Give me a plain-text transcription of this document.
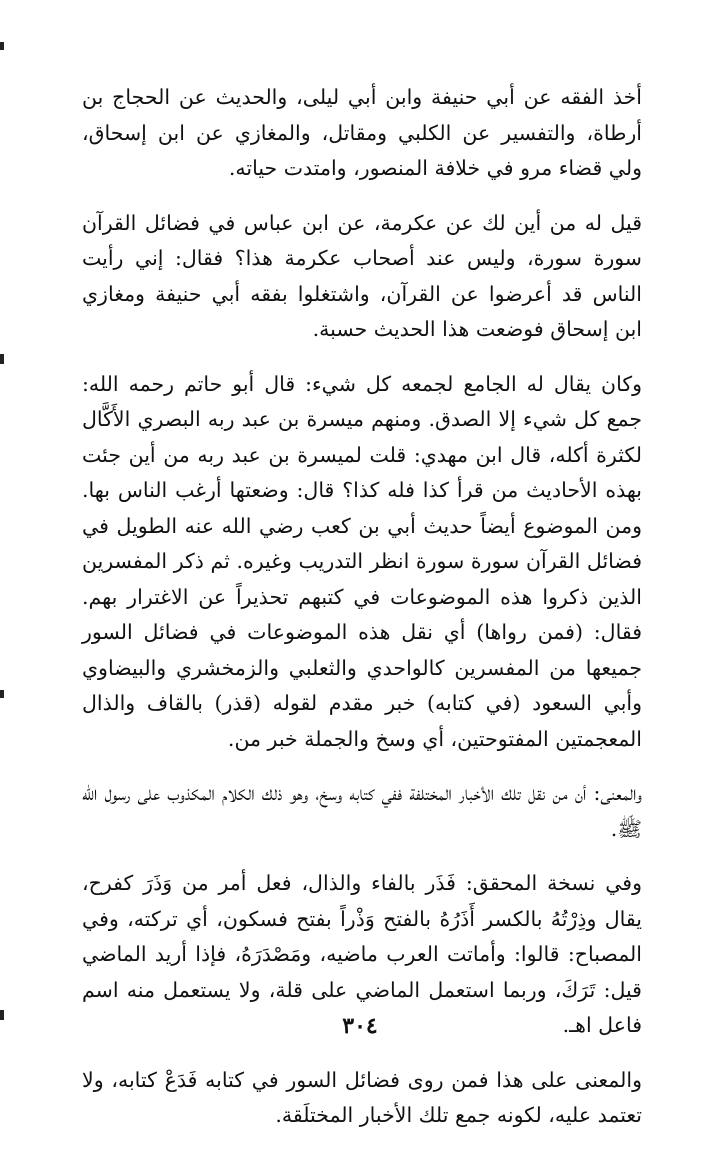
أخذ الفقه عن أبي حنيفة وابن أبي ليلى، والحديث عن الحجاج بن أرطاة، والتفسير عن الكلبي ومقاتل، والمغازي عن ابن إسحاق، ولي قضاء مرو في خلافة المنصور، وامتدت حياته.

قيل له من أين لك عن عكرمة، عن ابن عباس في فضائل القرآن سورة سورة، وليس عند أصحاب عكرمة هذا؟ فقال: إني رأيت الناس قد أعرضوا عن القرآن، واشتغلوا بفقه أبي حنيفة ومغازي ابن إسحاق فوضعت هذا الحديث حسبة.

وكان يقال له الجامع لجمعه كل شيء: قال أبو حاتم رحمه الله: جمع كل شيء إلا الصدق. ومنهم ميسرة بن عبد ربه البصري الأَكَّال لكثرة أكله، قال ابن مهدي: قلت لميسرة بن عبد ربه من أين جئت بهذه الأحاديث من قرأ كذا فله كذا؟ قال: وضعتها أرغب الناس بها. ومن الموضوع أيضاً حديث أبي بن كعب رضي الله عنه الطويل في فضائل القرآن سورة سورة انظر التدريب وغيره. ثم ذكر المفسرين الذين ذكروا هذه الموضوعات في كتبهم تحذيراً عن الاغترار بهم. فقال: (فمن رواها) أي نقل هذه الموضوعات في فضائل السور جميعها من المفسرين كالواحدي والثعلبي والزمخشري والبيضاوي وأبي السعود (في كتابه) خبر مقدم لقوله (قذر) بالقاف والذال المعجمتين المفتوحتين، أي وسخ والجملة خبر من.

والمعنى: أن من نقل تلك الأخبار المختلفة ففي كتابه وسخ، وهو ذلك الكلام المكذوب على رسول الله ﷺ.

وفي نسخة المحقق: فَذَر بالفاء والذال، فعل أمر من وَذَرَ كفرح، يقال وذِرْتُهُ بالكسر أَذَرُهُ بالفتح وَذْراً بفتح فسكون، أي تركته، وفي المصباح: قالوا: وأماتت العرب ماضيه، ومَصْدَرَهُ، فإذا أريد الماضي قيل: تَرَكَ، وربما استعمل الماضي على قلة، ولا يستعمل منه اسم فاعل اهـ.

والمعنى على هذا فمن روى فضائل السور في كتابه فَدَعْ كتابه، ولا تعتمد عليه، لكونه جمع تلك الأخبار المختلَقة.

٣٠٤
